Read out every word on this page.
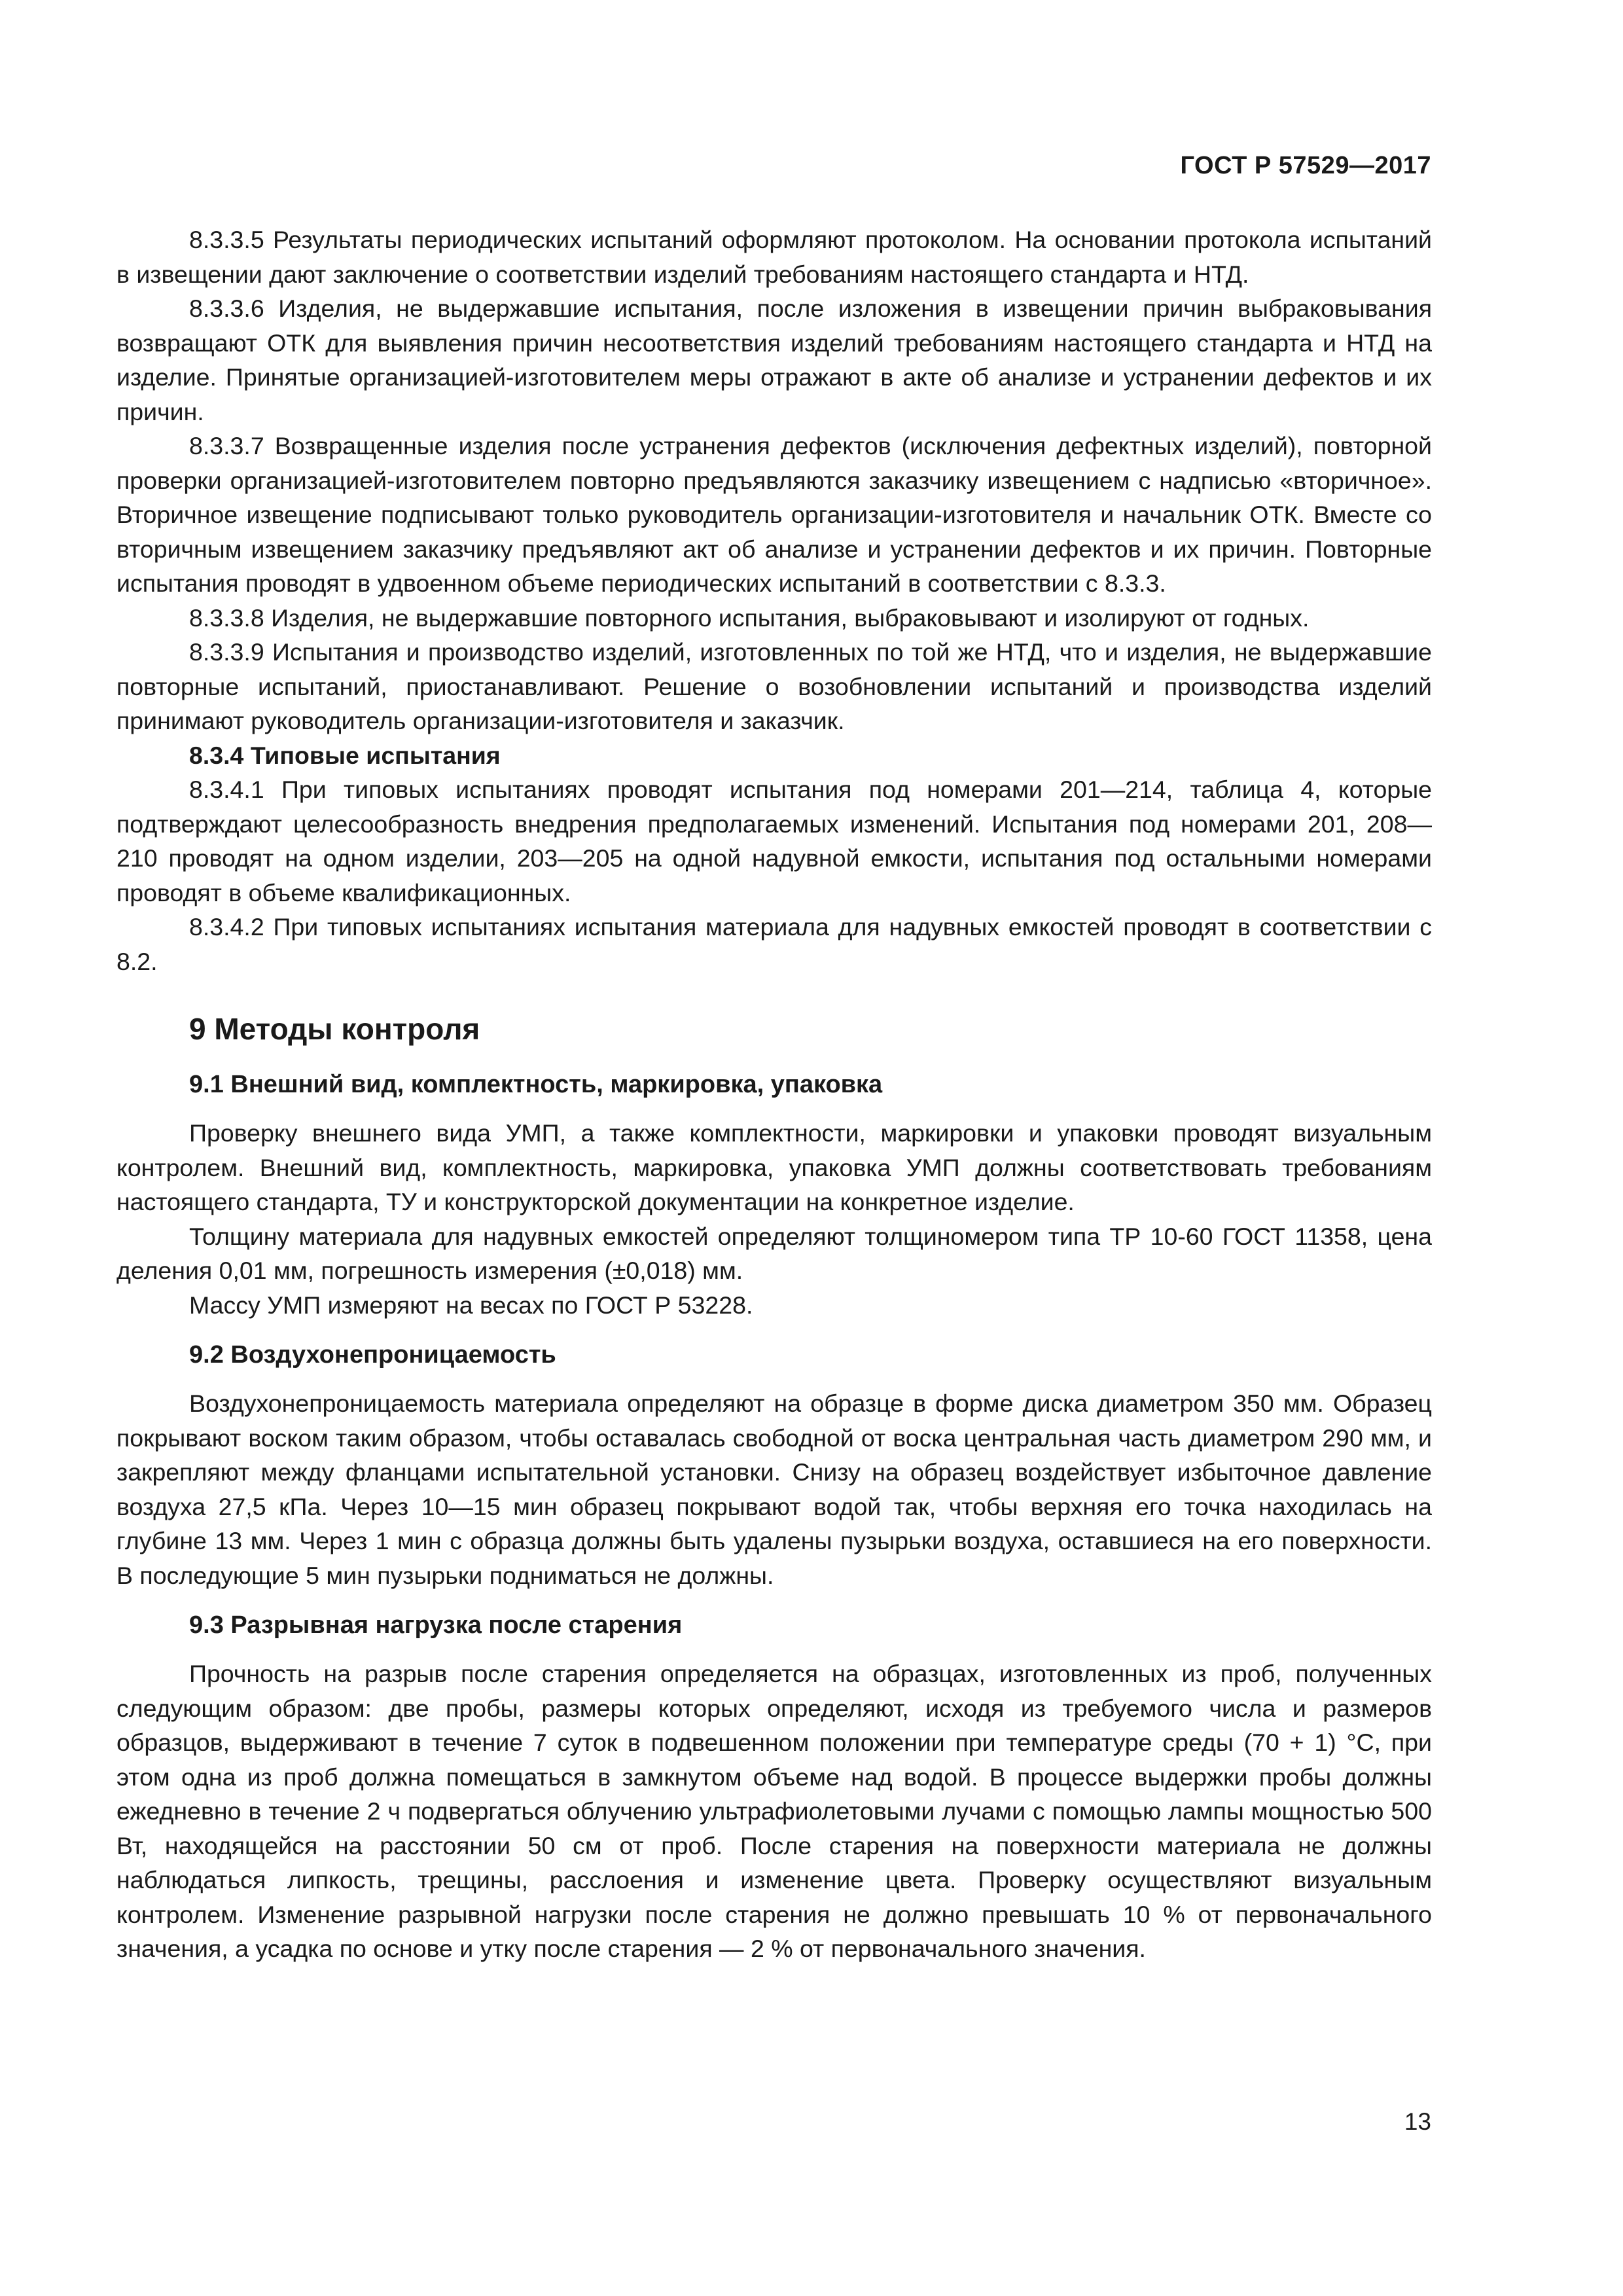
ГОСТ Р 57529—2017

8.3.3.5 Результаты периодических испытаний оформляют протоколом. На основании протокола испытаний в извещении дают заключение о соответствии изделий требованиям настоящего стандарта и НТД.

8.3.3.6 Изделия, не выдержавшие испытания, после изложения в извещении причин выбраковывания возвращают ОТК для выявления причин несоответствия изделий требованиям настоящего стандарта и НТД на изделие. Принятые организацией-изготовителем меры отражают в акте об анализе и устранении дефектов и их причин.

8.3.3.7 Возвращенные изделия после устранения дефектов (исключения дефектных изделий), повторной проверки организацией-изготовителем повторно предъявляются заказчику извещением с надписью «вторичное». Вторичное извещение подписывают только руководитель организации-изготовителя и начальник ОТК. Вместе со вторичным извещением заказчику предъявляют акт об анализе и устранении дефектов и их причин. Повторные испытания проводят в удвоенном объеме периодических испытаний в соответствии с 8.3.3.

8.3.3.8 Изделия, не выдержавшие повторного испытания, выбраковывают и изолируют от годных.

8.3.3.9 Испытания и производство изделий, изготовленных по той же НТД, что и изделия, не выдержавшие повторные испытаний, приостанавливают. Решение о возобновлении испытаний и производства изделий принимают руководитель организации-изготовителя и заказчик.

8.3.4 Типовые испытания

8.3.4.1 При типовых испытаниях проводят испытания под номерами 201—214, таблица 4, которые подтверждают целесообразность внедрения предполагаемых изменений. Испытания под номерами 201, 208—210 проводят на одном изделии, 203—205 на одной надувной емкости, испытания под остальными номерами проводят в объеме квалификационных.

8.3.4.2 При типовых испытаниях испытания материала для надувных емкостей проводят в соответствии с 8.2.

9 Методы контроля

9.1 Внешний вид, комплектность, маркировка, упаковка

Проверку внешнего вида УМП, а также комплектности, маркировки и упаковки проводят визуальным контролем. Внешний вид, комплектность, маркировка, упаковка УМП должны соответствовать требованиям настоящего стандарта, ТУ и конструкторской документации на конкретное изделие.

Толщину материала для надувных емкостей определяют толщиномером типа ТР 10-60 ГОСТ 11358, цена деления 0,01 мм, погрешность измерения (±0,018) мм.

Массу УМП измеряют на весах по ГОСТ Р 53228.

9.2 Воздухонепроницаемость

Воздухонепроницаемость материала определяют на образце в форме диска диаметром 350 мм. Образец покрывают воском таким образом, чтобы оставалась свободной от воска центральная часть диаметром 290 мм, и закрепляют между фланцами испытательной установки. Снизу на образец воздействует избыточное давление воздуха 27,5 кПа. Через 10—15 мин образец покрывают водой так, чтобы верхняя его точка находилась на глубине 13 мм. Через 1 мин с образца должны быть удалены пузырьки воздуха, оставшиеся на его поверхности. В последующие 5 мин пузырьки подниматься не должны.

9.3 Разрывная нагрузка после старения

Прочность на разрыв после старения определяется на образцах, изготовленных из проб, полученных следующим образом: две пробы, размеры которых определяют, исходя из требуемого числа и размеров образцов, выдерживают в течение 7 суток в подвешенном положении при температуре среды (70 + 1) °С, при этом одна из проб должна помещаться в замкнутом объеме над водой. В процессе выдержки пробы должны ежедневно в течение 2 ч подвергаться облучению ультрафиолетовыми лучами с помощью лампы мощностью 500 Вт, находящейся на расстоянии 50 см от проб. После старения на поверхности материала не должны наблюдаться липкость, трещины, расслоения и изменение цвета. Проверку осуществляют визуальным контролем. Изменение разрывной нагрузки после старения не должно превышать 10 % от первоначального значения, а усадка по основе и утку после старения — 2 % от первоначального значения.

13
